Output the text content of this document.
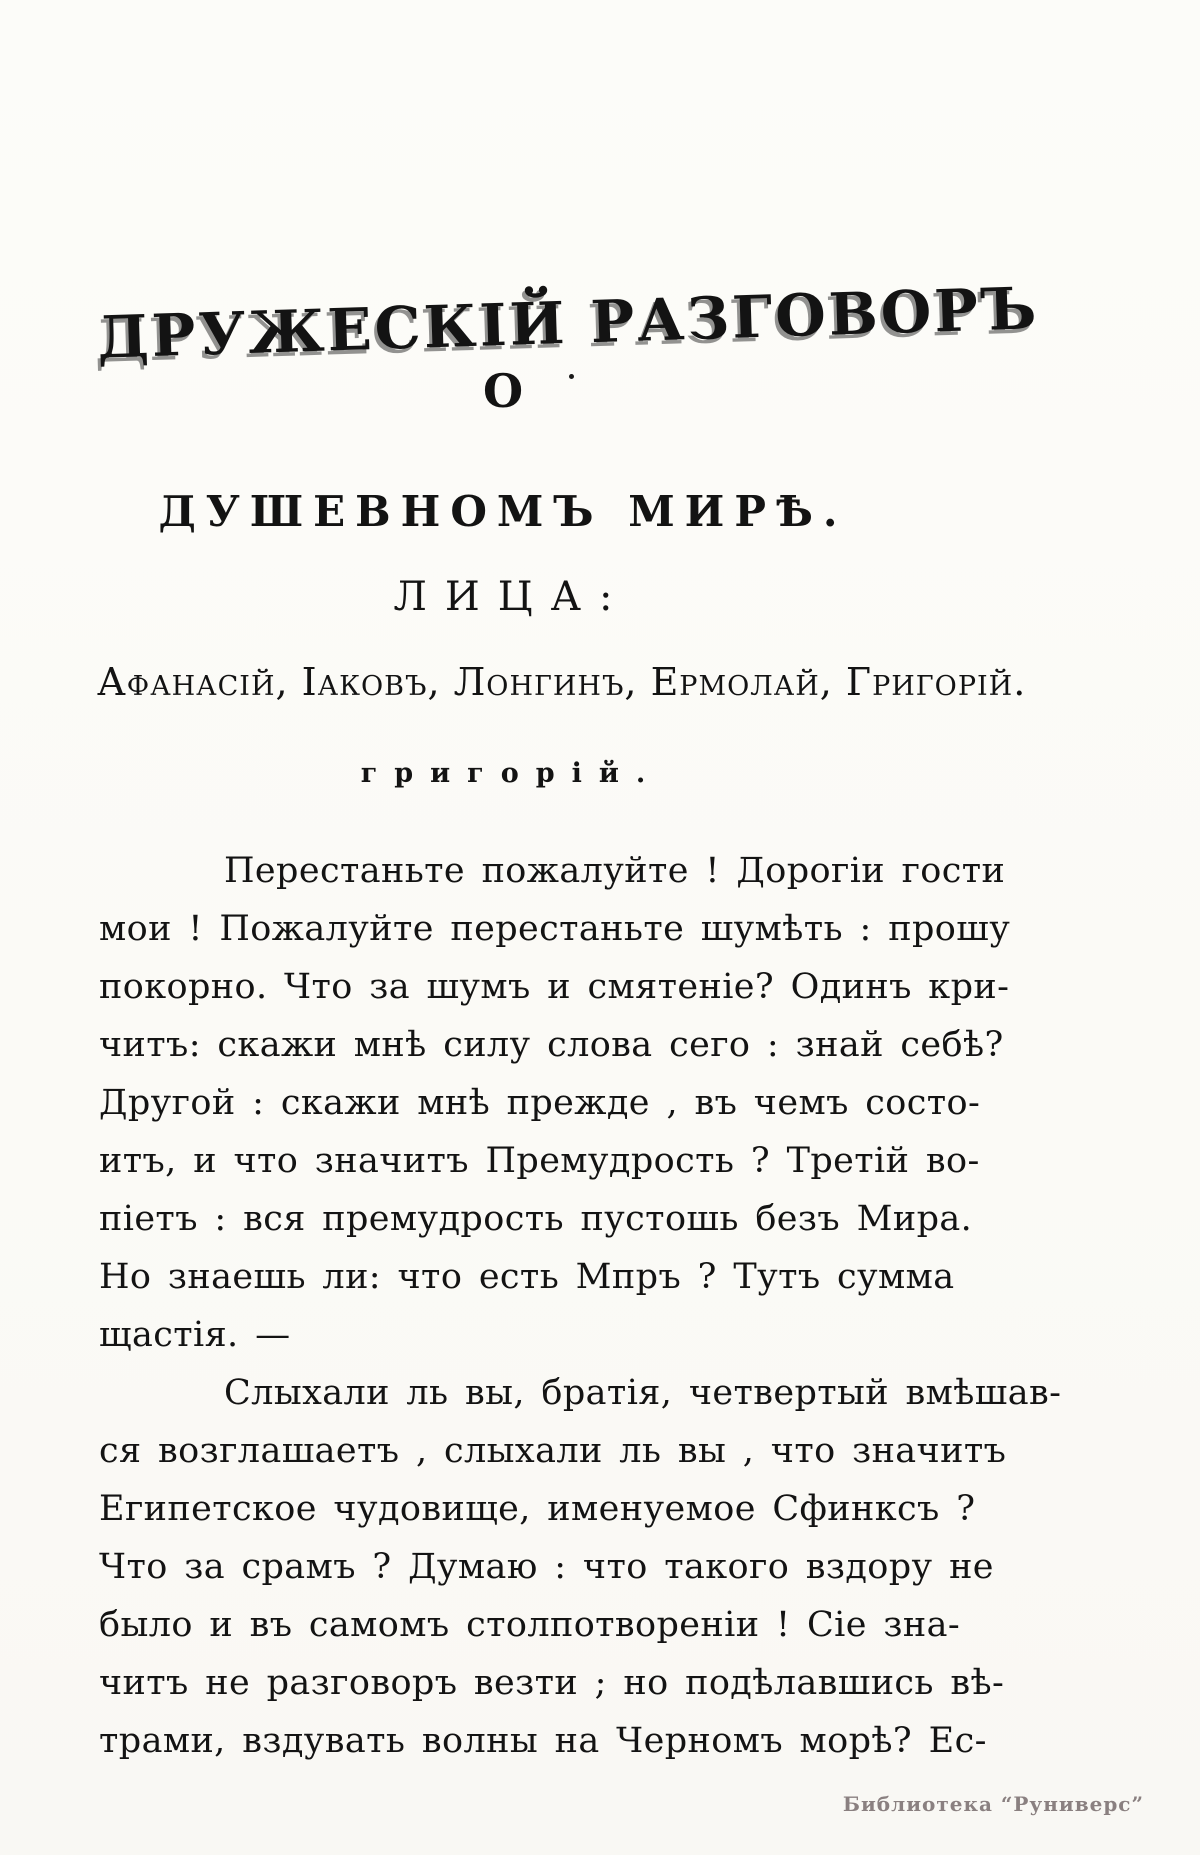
ДРУЖЕСКІЙ РАЗГОВОРЪ
О
ДУШЕВНОМЪ МИРѢ.
ЛИЦА:
Афанасій, Іаковъ, Лонгинъ, Ермолай, Григорій.
григорій.
Перестаньте пожалуйте ! Дорогіи гости
мои ! Пожалуйте перестаньте шумѣть : прошу
покорно. Что за шумъ и смятеніе? Одинъ кри-
читъ: скажи мнѣ силу слова сего : знай себѣ?
Другой : скажи мнѣ прежде , въ чемъ состо-
итъ, и что значитъ Премудрость ? Третій во-
піетъ : вся премудрость пустошь безъ Мира.
Но знаешь ли: что есть Мпръ ? Тутъ сумма
щастія. —
Слыхали ль вы, братія, четвертый вмѣшав-
ся возглашаетъ , слыхали ль вы , что значитъ
Египетское чудовище, именуемое Сфинксъ ?
Что за срамъ ? Думаю : что такого вздору не
было и въ самомъ столпотвореніи ! Сіе зна-
читъ не разговоръ везти ; но подѣлавшись вѣ-
трами, вздувать волны на Черномъ морѣ? Ес-
Библиотека “Руниверс”
